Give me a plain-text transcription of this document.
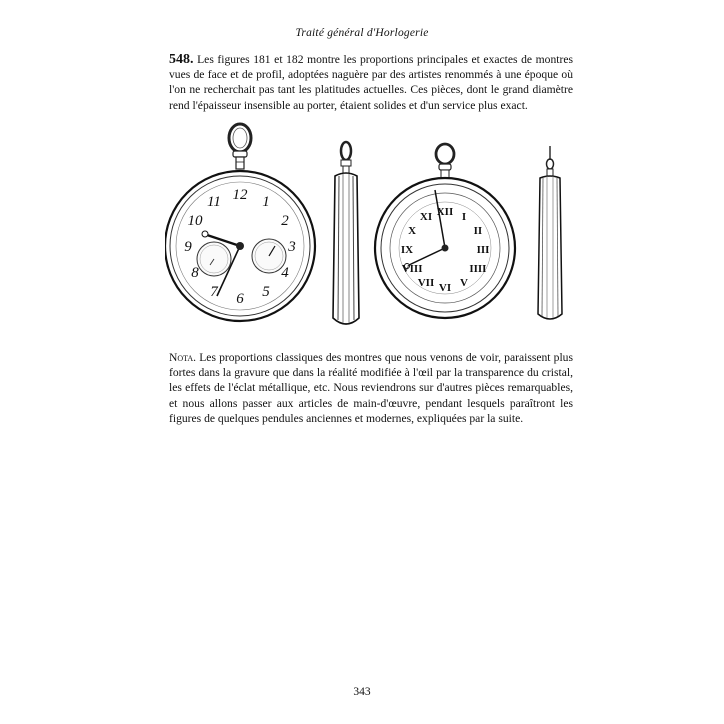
Traité général d'Horlogerie

548. Les figures 181 et 182 montre les proportions principales et exactes de montres vues de face et de profil, adoptées naguère par des artistes renommés à une époque où l'on ne recherchait pas tant les platitudes actuelles. Ces pièces, dont le grand diamètre rend l'épaisseur insensible au porter, étaient solides et d'un service plus exact.

12 1
2
3
4
5
6
7
8
9
10
11
XII I
II
III
IIII
V
VI
VII
VIII
IX
X
XI

Nota. Les proportions classiques des montres que nous venons de voir, paraissent plus fortes dans la gravure que dans la réalité modifiée à l'œil par la transparence du cristal, les effets de l'éclat métallique, etc. Nous reviendrons sur d'autres pièces remarquables, et nous allons passer aux articles de main-d'œuvre, pendant lesquels paraîtront les figures de quelques pendules anciennes et modernes, expliquées par la suite.

343
